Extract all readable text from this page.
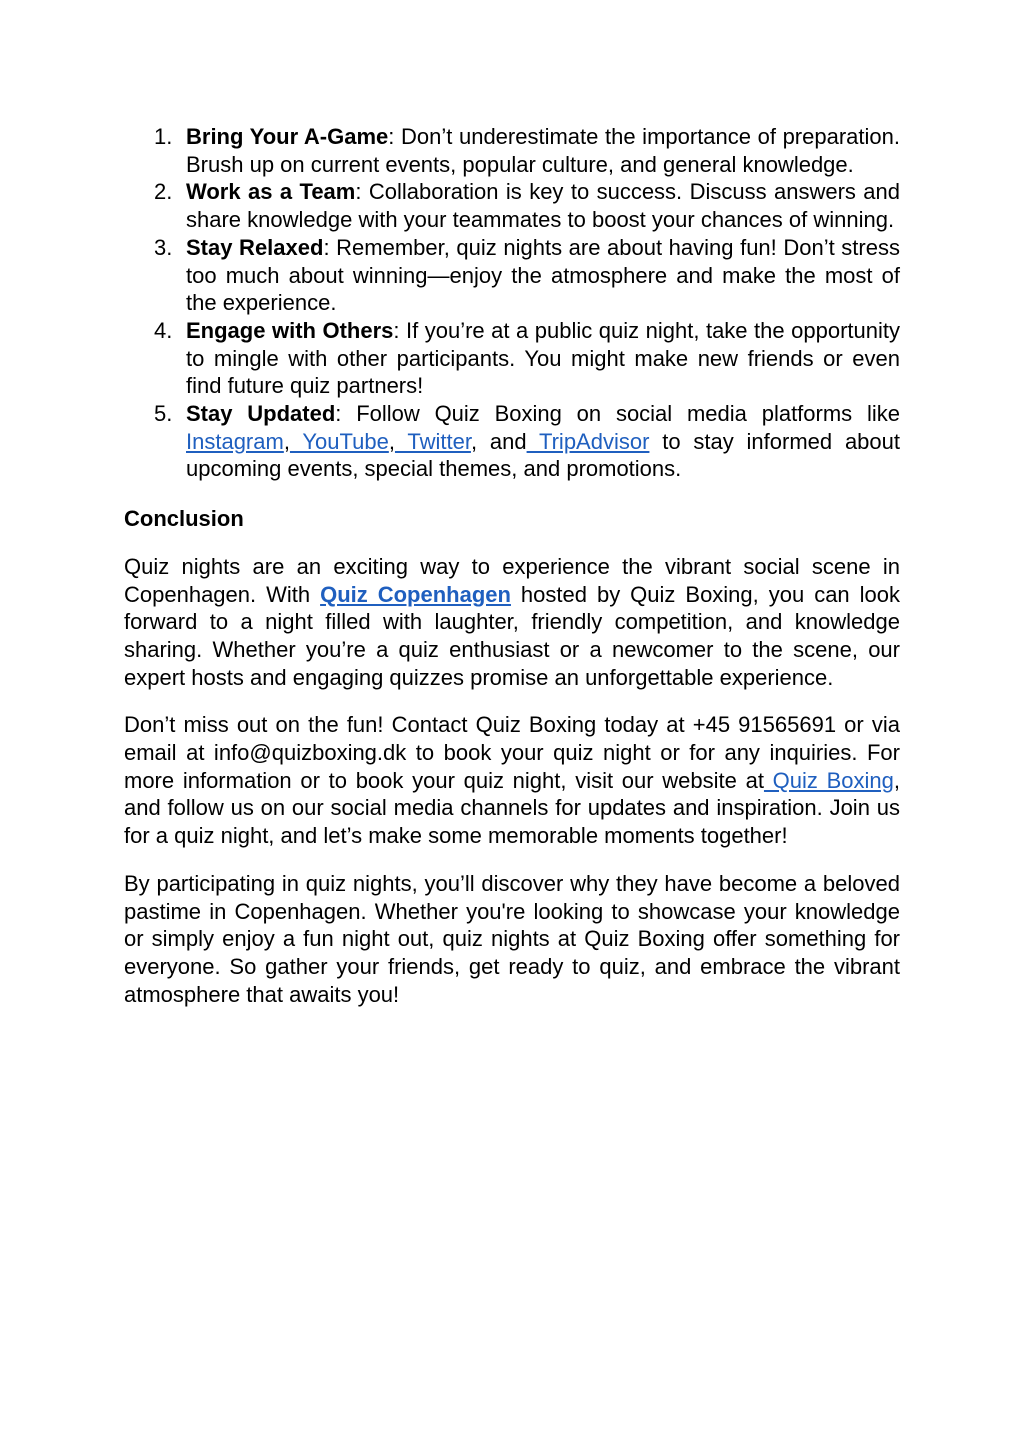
1. Bring Your A-Game: Don’t underestimate the importance of preparation. Brush up on current events, popular culture, and general knowledge.
2. Work as a Team: Collaboration is key to success. Discuss answers and share knowledge with your teammates to boost your chances of winning.
3. Stay Relaxed: Remember, quiz nights are about having fun! Don’t stress too much about winning—enjoy the atmosphere and make the most of the experience.
4. Engage with Others: If you’re at a public quiz night, take the opportunity to mingle with other participants. You might make new friends or even find future quiz partners!
5. Stay Updated: Follow Quiz Boxing on social media platforms like Instagram, YouTube, Twitter, and TripAdvisor to stay informed about upcoming events, special themes, and promotions.
Conclusion

Quiz nights are an exciting way to experience the vibrant social scene in Copenhagen. With Quiz Copenhagen hosted by Quiz Boxing, you can look forward to a night filled with laughter, friendly competition, and knowledge sharing. Whether you’re a quiz enthusiast or a newcomer to the scene, our expert hosts and engaging quizzes promise an unforgettable experience.

Don’t miss out on the fun! Contact Quiz Boxing today at +45 91565691 or via email at info@quizboxing.dk to book your quiz night or for any inquiries. For more information or to book your quiz night, visit our website at Quiz Boxing, and follow us on our social media channels for updates and inspiration. Join us for a quiz night, and let’s make some memorable moments together!

By participating in quiz nights, you’ll discover why they have become a beloved pastime in Copenhagen. Whether you're looking to showcase your knowledge or simply enjoy a fun night out, quiz nights at Quiz Boxing offer something for everyone. So gather your friends, get ready to quiz, and embrace the vibrant atmosphere that awaits you!
